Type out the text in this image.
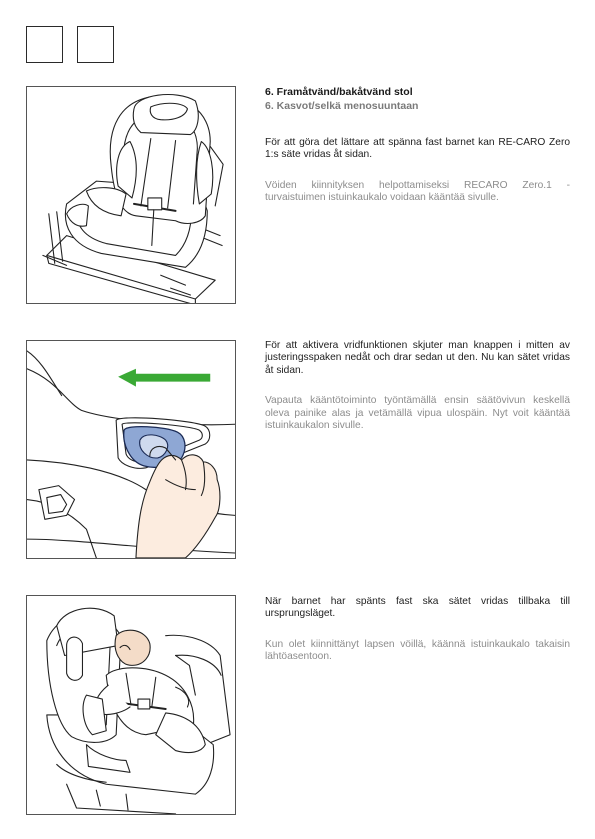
6. Framåtvänd/bakåtvänd stol

6. Kasvot/selkä menosuuntaan

För att göra det lättare att spänna fast barnet kan RE-CARO Zero 1:s säte vridas åt sidan.

Vöiden kiinnityksen helpottamiseksi RECARO Zero.1 -turvaistuimen istuinkaukalo voidaan kääntää sivulle.

För att aktivera vridfunktionen skjuter man knappen i mitten av justeringsspaken nedåt och drar sedan ut den. Nu kan sätet vridas åt sidan.

Vapauta kääntötoiminto työntämällä ensin säätövivun keskellä oleva painike alas ja vetämällä vipua ulospäin. Nyt voit kääntää istuinkaukalon sivulle.

När barnet har spänts fast ska sätet vridas tillbaka till ursprungsläget.

Kun olet kiinnittänyt lapsen vöillä, käännä istuinkaukalo takaisin lähtöasentoon.
